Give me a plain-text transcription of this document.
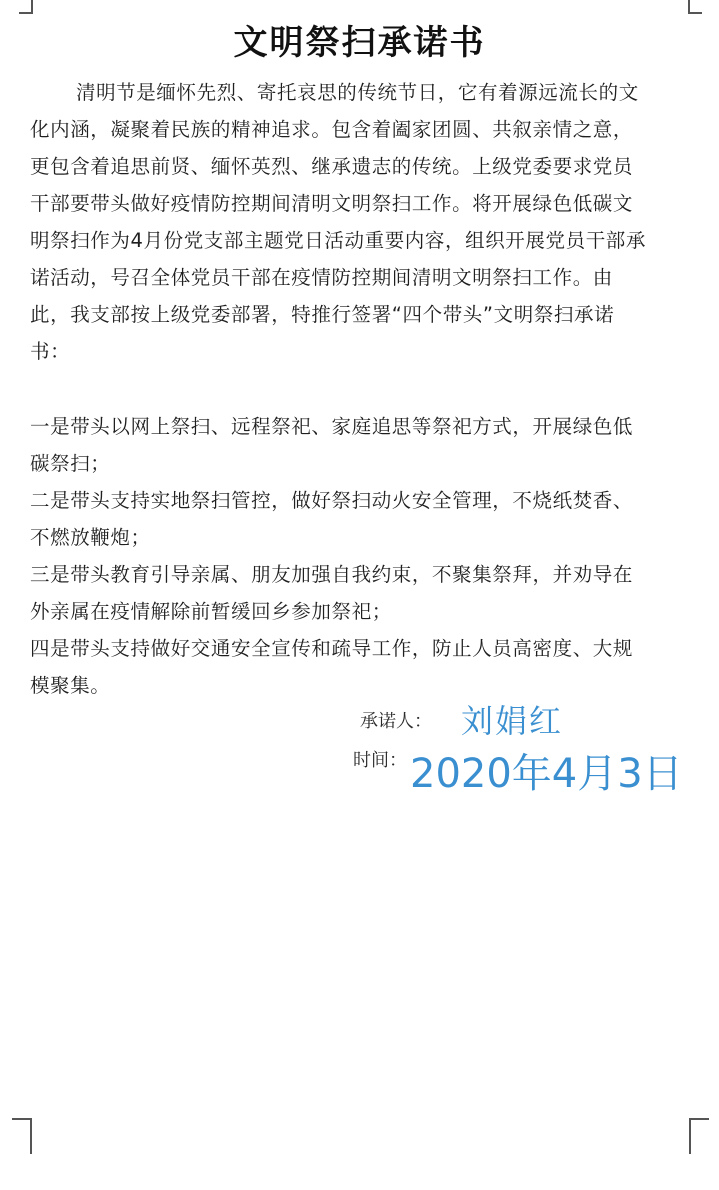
文明祭扫承诺书
清明节是缅怀先烈、寄托哀思的传统节日，它有着源远流长的文
化内涵，凝聚着民族的精神追求。包含着阖家团圆、共叙亲情之意，
更包含着追思前贤、缅怀英烈、继承遗志的传统。上级党委要求党员
干部要带头做好疫情防控期间清明文明祭扫工作。将开展绿色低碳文
明祭扫作为4月份党支部主题党日活动重要内容，组织开展党员干部承
诺活动，号召全体党员干部在疫情防控期间清明文明祭扫工作。由
此，我支部按上级党委部署，特推行签署“四个带头”文明祭扫承诺
书：
一是带头以网上祭扫、远程祭祀、家庭追思等祭祀方式，开展绿色低
碳祭扫；
二是带头支持实地祭扫管控，做好祭扫动火安全管理，不烧纸焚香、
不燃放鞭炮；
三是带头教育引导亲属、朋友加强自我约束，不聚集祭拜，并劝导在
外亲属在疫情解除前暂缓回乡参加祭祀；
四是带头支持做好交通安全宣传和疏导工作，防止人员高密度、大规
模聚集。
承诺人： 刘娟红
时间： 2020年4月3日
